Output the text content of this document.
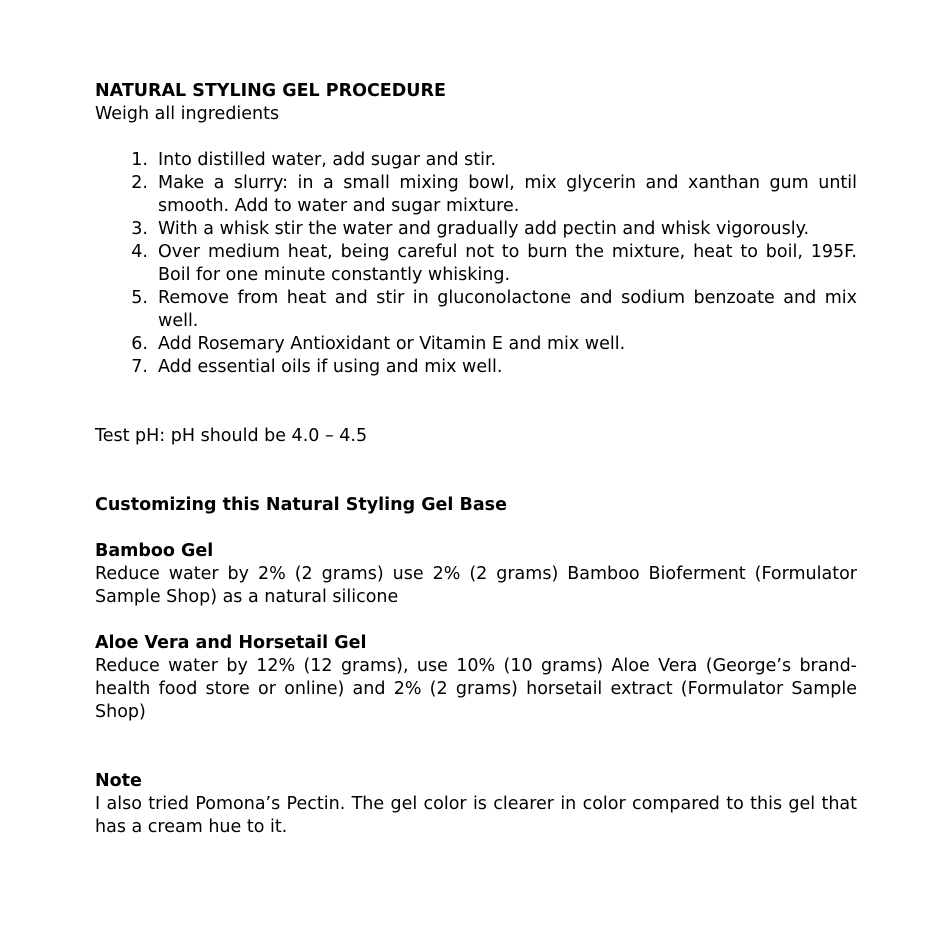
NATURAL STYLING GEL PROCEDURE

Weigh all ingredients

1. Into distilled water, add sugar and stir.
2. Make a slurry: in a small mixing bowl, mix glycerin and xanthan gum until smooth. Add to water and sugar mixture.
3. With a whisk stir the water and gradually add pectin and whisk vigorously.
4. Over medium heat, being careful not to burn the mixture, heat to boil, 195F. Boil for one minute constantly whisking.
5. Remove from heat and stir in gluconolactone and sodium benzoate and mix well.
6. Add Rosemary Antioxidant or Vitamin E and mix well.
7. Add essential oils if using and mix well.

Test pH: pH should be 4.0 – 4.5

Customizing this Natural Styling Gel Base

Bamboo Gel

Reduce water by 2% (2 grams) use 2% (2 grams) Bamboo Bioferment (Formulator Sample Shop) as a natural silicone

Aloe Vera and Horsetail Gel

Reduce water by 12% (12 grams), use 10% (10 grams) Aloe Vera (George’s brand-health food store or online) and 2% (2 grams) horsetail extract (Formulator Sample Shop)

Note

I also tried Pomona’s Pectin. The gel color is clearer in color compared to this gel that has a cream hue to it.
